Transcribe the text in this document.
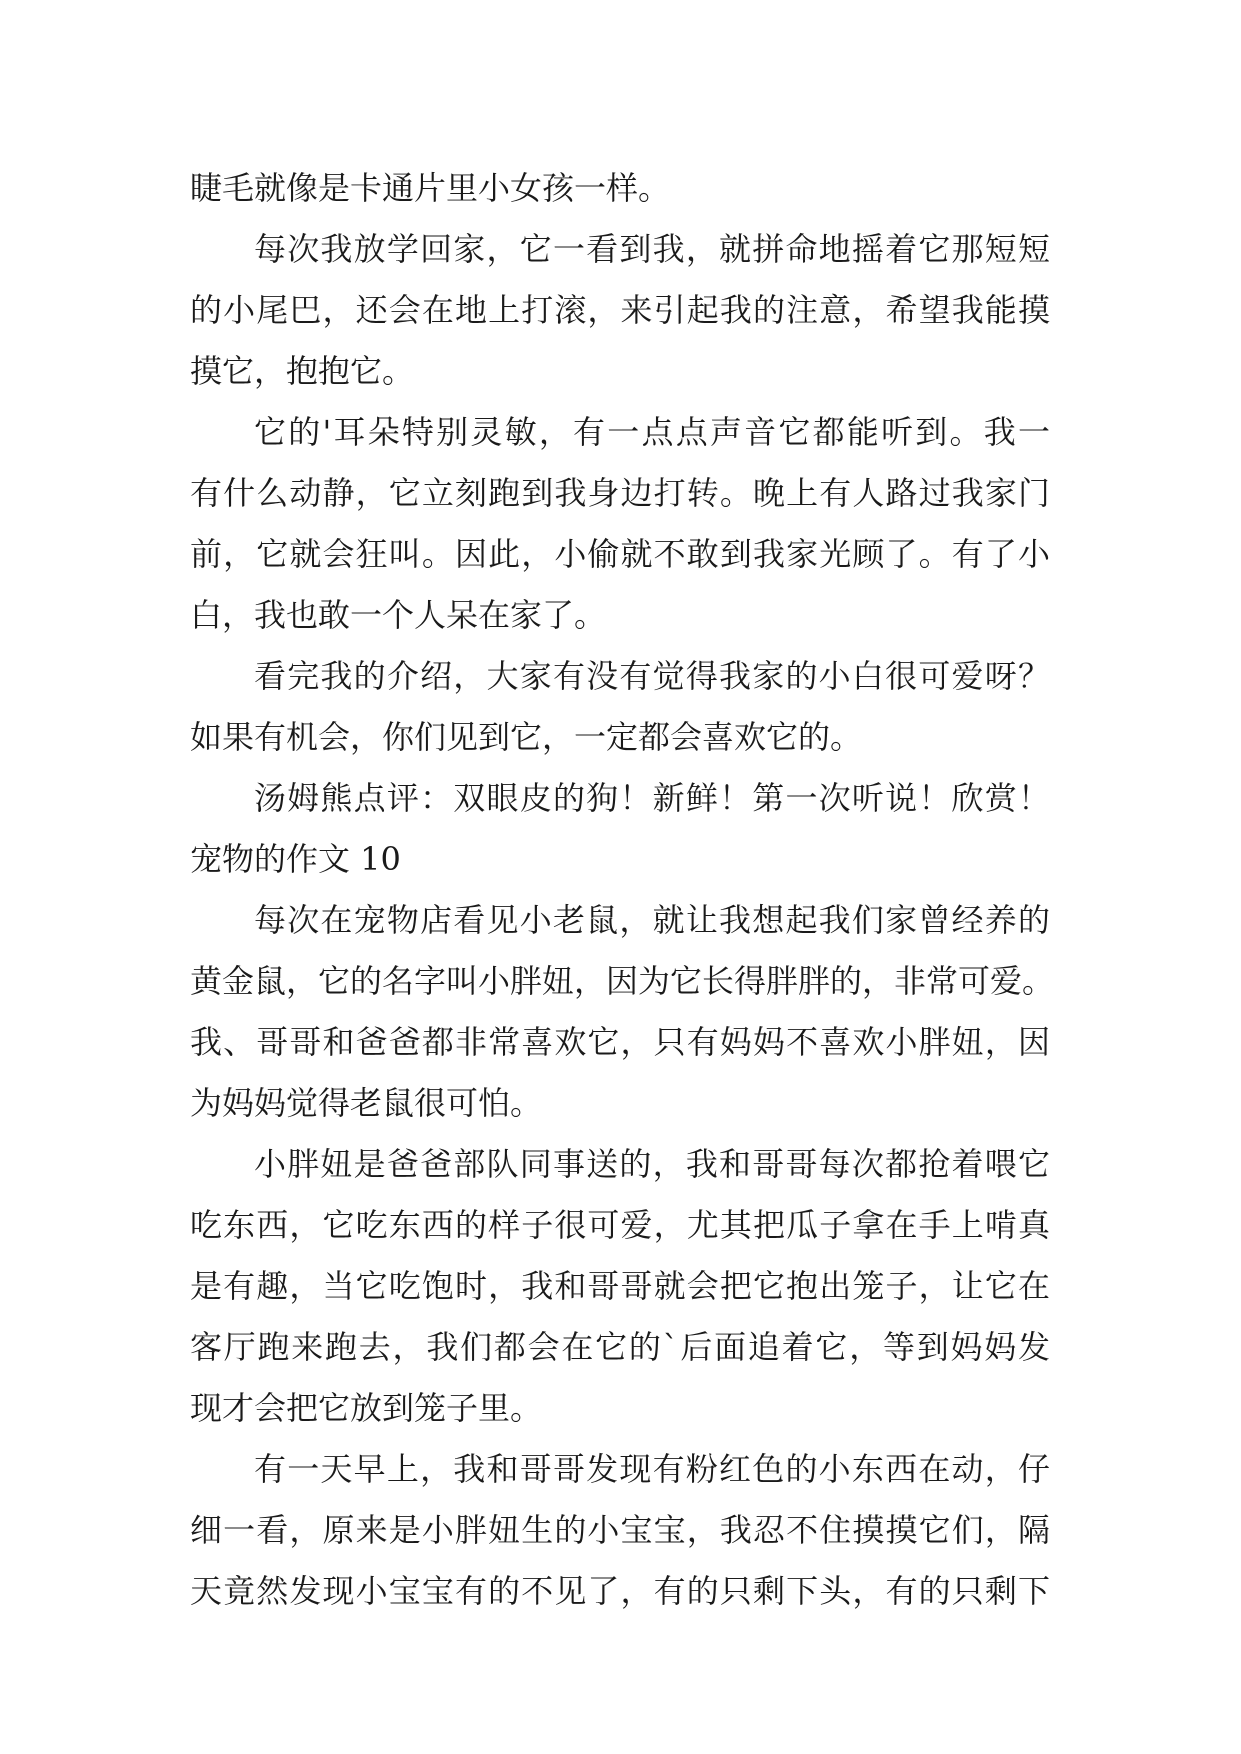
睫毛就像是卡通片里小女孩一样。
每次我放学回家，它一看到我，就拼命地摇着它那短短
的小尾巴，还会在地上打滚，来引起我的注意，希望我能摸
摸它，抱抱它。
它的'耳朵特别灵敏，有一点点声音它都能听到。我一
有什么动静，它立刻跑到我身边打转。晚上有人路过我家门
前，它就会狂叫。因此，小偷就不敢到我家光顾了。有了小
白，我也敢一个人呆在家了。
看完我的介绍，大家有没有觉得我家的小白很可爱呀？
如果有机会，你们见到它，一定都会喜欢它的。
汤姆熊点评：双眼皮的狗！新鲜！第一次听说！欣赏！
宠物的作文 10
每次在宠物店看见小老鼠，就让我想起我们家曾经养的
黄金鼠，它的名字叫小胖妞，因为它长得胖胖的，非常可爱。
我、哥哥和爸爸都非常喜欢它，只有妈妈不喜欢小胖妞，因
为妈妈觉得老鼠很可怕。
小胖妞是爸爸部队同事送的，我和哥哥每次都抢着喂它
吃东西，它吃东西的样子很可爱，尤其把瓜子拿在手上啃真
是有趣，当它吃饱时，我和哥哥就会把它抱出笼子，让它在
客厅跑来跑去，我们都会在它的`后面追着它，等到妈妈发
现才会把它放到笼子里。
有一天早上，我和哥哥发现有粉红色的小东西在动，仔
细一看，原来是小胖妞生的小宝宝，我忍不住摸摸它们，隔
天竟然发现小宝宝有的不见了，有的只剩下头，有的只剩下
